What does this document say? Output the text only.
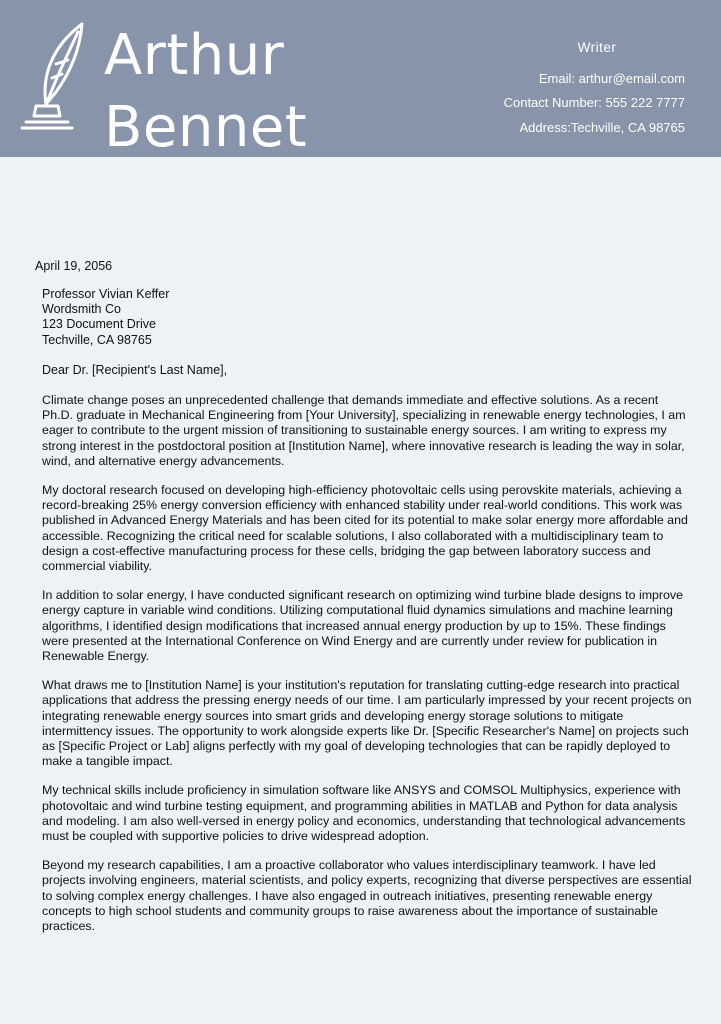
Arthur
Bennet
Writer
Email: arthur@email.com
Contact Number: 555 222 7777
Address:Techville, CA 98765
April 19, 2056
Professor Vivian Keffer
Wordsmith Co
123 Document Drive
Techville, CA 98765
Dear Dr. [Recipient's Last Name],

Climate change poses an unprecedented challenge that demands immediate and effective solutions. As a recent Ph.D. graduate in Mechanical Engineering from [Your University], specializing in renewable energy technologies, I am eager to contribute to the urgent mission of transitioning to sustainable energy sources. I am writing to express my strong interest in the postdoctoral position at [Institution Name], where innovative research is leading the way in solar, wind, and alternative energy advancements.

My doctoral research focused on developing high-efficiency photovoltaic cells using perovskite materials, achieving a record-breaking 25% energy conversion efficiency with enhanced stability under real-world conditions. This work was published in Advanced Energy Materials and has been cited for its potential to make solar energy more affordable and accessible. Recognizing the critical need for scalable solutions, I also collaborated with a multidisciplinary team to design a cost-effective manufacturing process for these cells, bridging the gap between laboratory success and commercial viability.

In addition to solar energy, I have conducted significant research on optimizing wind turbine blade designs to improve energy capture in variable wind conditions. Utilizing computational fluid dynamics simulations and machine learning algorithms, I identified design modifications that increased annual energy production by up to 15%. These findings were presented at the International Conference on Wind Energy and are currently under review for publication in Renewable Energy.

What draws me to [Institution Name] is your institution's reputation for translating cutting-edge research into practical applications that address the pressing energy needs of our time. I am particularly impressed by your recent projects on integrating renewable energy sources into smart grids and developing energy storage solutions to mitigate intermittency issues. The opportunity to work alongside experts like Dr. [Specific Researcher's Name] on projects such as [Specific Project or Lab] aligns perfectly with my goal of developing technologies that can be rapidly deployed to make a tangible impact.

My technical skills include proficiency in simulation software like ANSYS and COMSOL Multiphysics, experience with photovoltaic and wind turbine testing equipment, and programming abilities in MATLAB and Python for data analysis and modeling. I am also well-versed in energy policy and economics, understanding that technological advancements must be coupled with supportive policies to drive widespread adoption.

Beyond my research capabilities, I am a proactive collaborator who values interdisciplinary teamwork. I have led projects involving engineers, material scientists, and policy experts, recognizing that diverse perspectives are essential to solving complex energy challenges. I have also engaged in outreach initiatives, presenting renewable energy concepts to high school students and community groups to raise awareness about the importance of sustainable practices.
